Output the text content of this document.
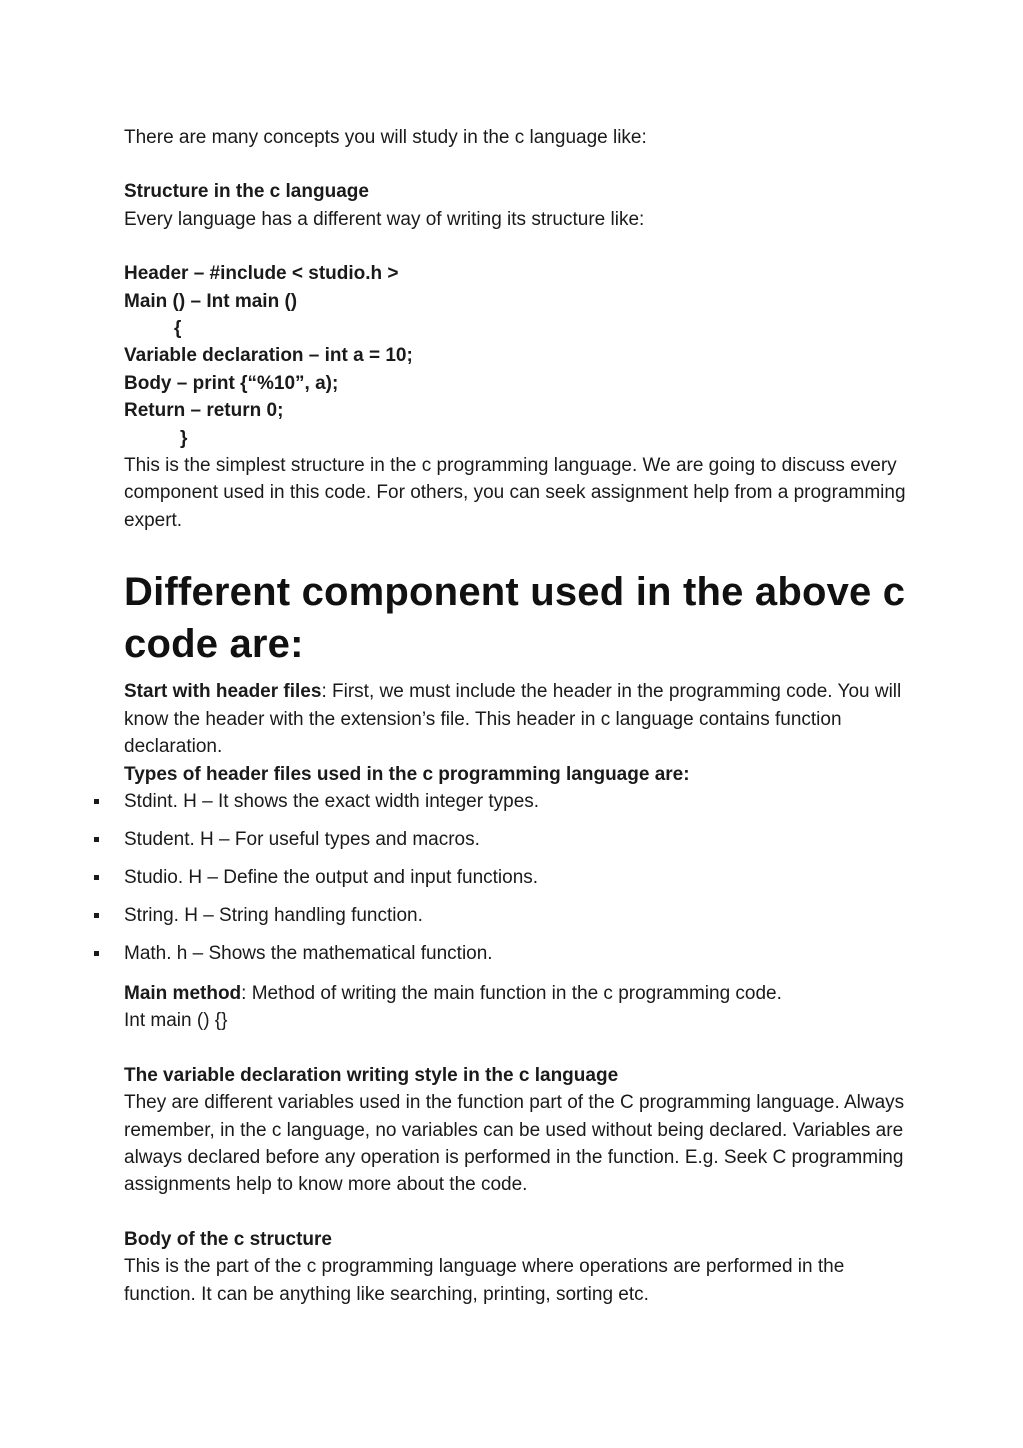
There are many concepts you will study in the c language like:
Structure in the c language
Every language has a different way of writing its structure like:
Header – #include < studio.h >
Main () – Int main ()
{
Variable declaration – int a = 10;
Body – print {“%10”, a);
Return – return 0;
}
This is the simplest structure in the c programming language. We are going to discuss every component used in this code. For others, you can seek assignment help from a programming expert.
Different component used in the above c code are:
Start with header files: First, we must include the header in the programming code. You will know the header with the extension’s file. This header in c language contains function declaration.
Types of header files used in the c programming language are:
Stdint. H – It shows the exact width integer types.
Student. H – For useful types and macros.
Studio. H – Define the output and input functions.
String. H – String handling function.
Math. h – Shows the mathematical function.
Main method: Method of writing the main function in the c programming code.
Int main () {}
The variable declaration writing style in the c language
They are different variables used in the function part of the C programming language. Always remember, in the c language, no variables can be used without being declared. Variables are always declared before any operation is performed in the function. E.g. Seek C programming assignments help to know more about the code.
Body of the c structure
This is the part of the c programming language where operations are performed in the function. It can be anything like searching, printing, sorting etc.
